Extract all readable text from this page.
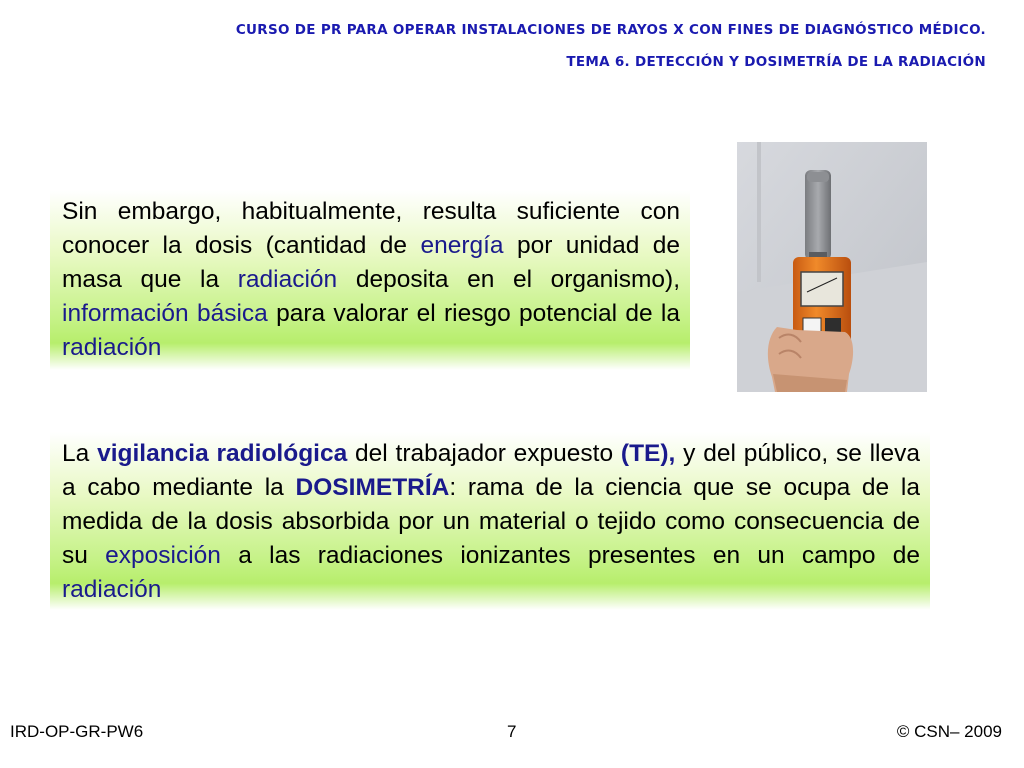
CURSO DE PR PARA OPERAR INSTALACIONES DE RAYOS X CON FINES DE DIAGNÓSTICO MÉDICO.
TEMA 6. DETECCIÓN Y DOSIMETRÍA DE LA RADIACIÓN

Sin embargo, habitualmente, resulta suficiente con conocer la dosis (cantidad de energía por unidad de masa que la radiación deposita en el organismo), información básica para valorar el riesgo potencial de la radiación

La vigilancia radiológica del trabajador expuesto (TE), y del público, se lleva a cabo mediante la DOSIMETRÍA: rama de la ciencia que se ocupa de la medida de la dosis absorbida por un material o tejido como consecuencia de su exposición a las radiaciones ionizantes presentes en un campo de radiación

IRD-OP-GR-PW6	7	© CSN– 2009
